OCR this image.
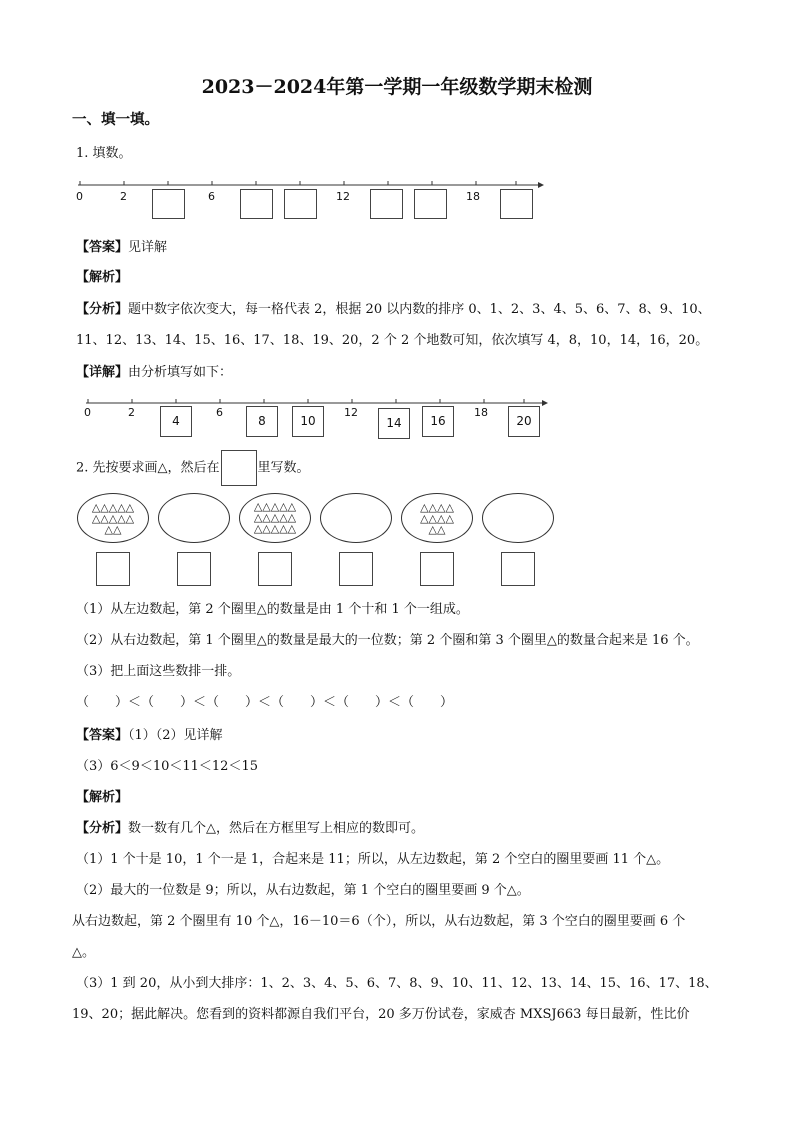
2023－2024年第一学期一年级数学期末检测
一、填一填。
1. 填数。
0	2	6	12	18
【答案】见详解
【解析】
【分析】题中数字依次变大，每一格代表 2，根据 20 以内数的排序 0、1、2、3、4、5、6、7、8、9、10、
11、12、13、14、15、16、17、18、19、20，2 个 2 个地数可知，依次填写 4，8，10，14，16，20。
【详解】由分析填写如下：
0	2	6	12	18
4	8	10	14	16	20
2. 先按要求画△，然后在	里写数。
△△△△△
△△△△△
△△
△△△△△
△△△△△
△△△△△
△△△△
△△△△
△△
（1）从左边数起，第 2 个圈里△的数量是由 1 个十和 1 个一组成。
（2）从右边数起，第 1 个圈里△的数量是最大的一位数；第 2 个圈和第 3 个圈里△的数量合起来是 16 个。
（3）把上面这些数排一排。
（　　）＜（　　）＜（　　）＜（　　）＜（　　）＜（　　）
【答案】（1）（2）见详解
（3）6＜9＜10＜11＜12＜15
【解析】
【分析】数一数有几个△，然后在方框里写上相应的数即可。
（1）1 个十是 10，1 个一是 1，合起来是 11；所以，从左边数起，第 2 个空白的圈里要画 11 个△。
（2）最大的一位数是 9；所以，从右边数起，第 1 个空白的圈里要画 9 个△。
从右边数起，第 2 个圈里有 10 个△，16－10＝6（个），所以，从右边数起，第 3 个空白的圈里要画 6 个
△。
（3）1 到 20，从小到大排序：1、2、3、4、5、6、7、8、9、10、11、12、13、14、15、16、17、18、
19、20；据此解决。您看到的资料都源自我们平台，20 多万份试卷，家威杏 MXSJ663 每日最新，性比价
